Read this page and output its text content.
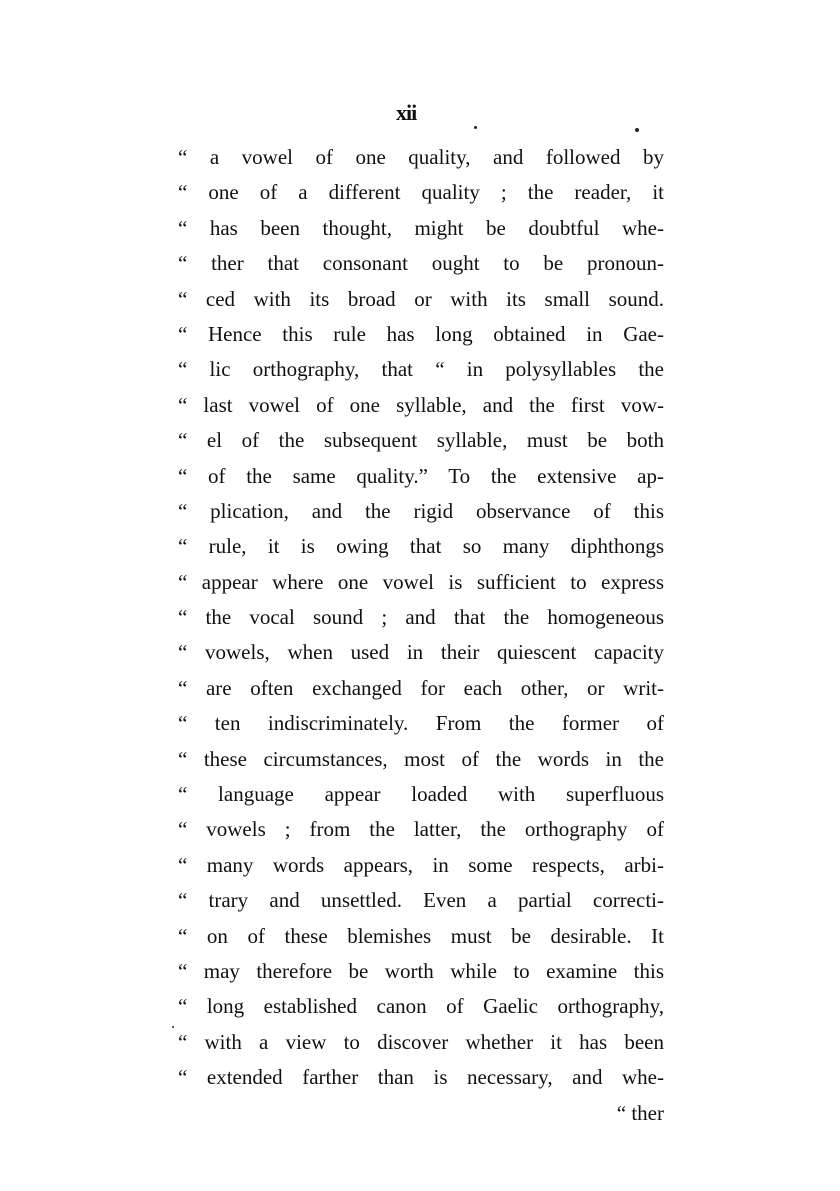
xii
“ a vowel of one quality, and followed by
“ one of a different quality ; the reader, it
“ has been thought, might be doubtful whe-
“ ther that consonant ought to be pronoun-
“ ced with its broad or with its small sound.
“ Hence this rule has long obtained in Gae-
“ lic orthography, that “ in polysyllables the
“ last vowel of one syllable, and the first vow-
“ el of the subsequent syllable, must be both
“ of the same quality.” To the extensive ap-
“ plication, and the rigid observance of this
“ rule, it is owing that so many diphthongs
“ appear where one vowel is sufficient to express
“ the vocal sound ; and that the homogeneous
“ vowels, when used in their quiescent capacity
“ are often exchanged for each other, or writ-
“ ten indiscriminately. From the former of
“ these circumstances, most of the words in the
“ language appear loaded with superfluous
“ vowels ; from the latter, the orthography of
“ many words appears, in some respects, arbi-
“ trary and unsettled. Even a partial correcti-
“ on of these blemishes must be desirable. It
“ may therefore be worth while to examine this
“ long established canon of Gaelic orthography,
“ with a view to discover whether it has been
“ extended farther than is necessary, and whe-
“ ther
